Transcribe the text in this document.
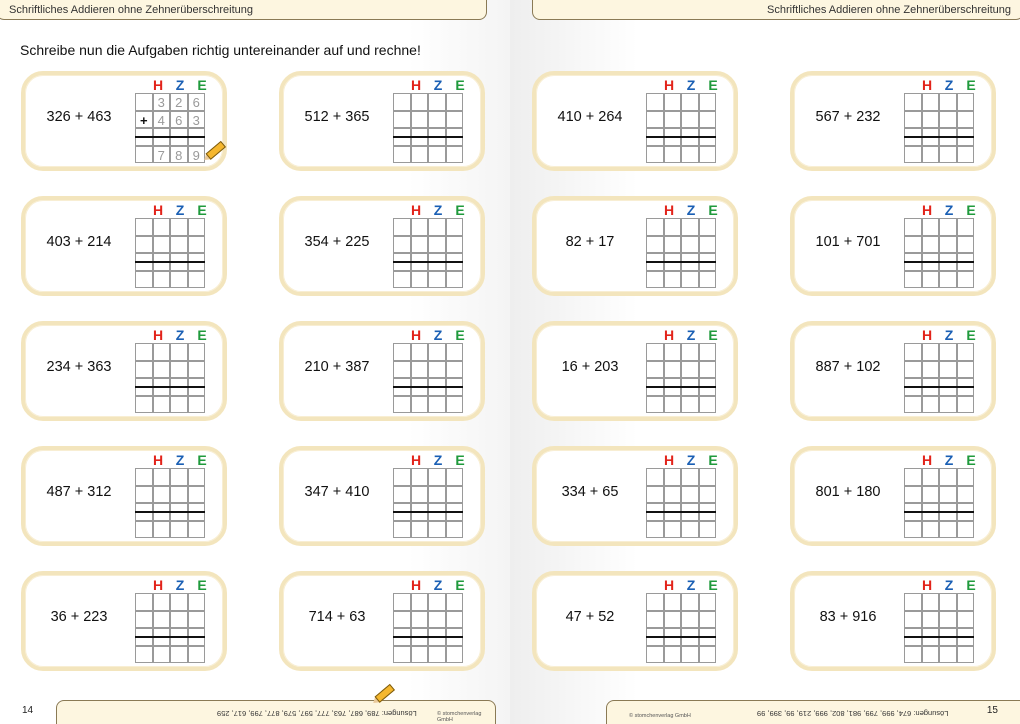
Schriftliches Addieren ohne Zehnerüberschreitung
Schreibe nun die Aufgaben richtig untereinander auf und rechne!
326 + 463
H Z E
3 2 6
+ 4 6 3
7 8 9
512 + 365
H Z E
403 + 214
H Z E
354 + 225
H Z E
234 + 363
H Z E
210 + 387
H Z E
487 + 312
H Z E
347 + 410
H Z E
36 + 223
H Z E
714 + 63
H Z E
Lösungen: 789, 687, 763, 777, 597, 579, 877, 799, 617, 259	© stomchenverlag GmbH
14
Schriftliches Addieren ohne Zehnerüberschreitung
410 + 264
H Z E
567 + 232
H Z E
82 + 17
H Z E
101 + 701
H Z E
16 + 203
H Z E
887 + 102
H Z E
334 + 65
H Z E
801 + 180
H Z E
47 + 52
H Z E
83 + 916
H Z E
Lösungen: 674, 999, 799, 981, 802, 999, 219, 99, 399, 99
© stomchenverlag GmbH	15
